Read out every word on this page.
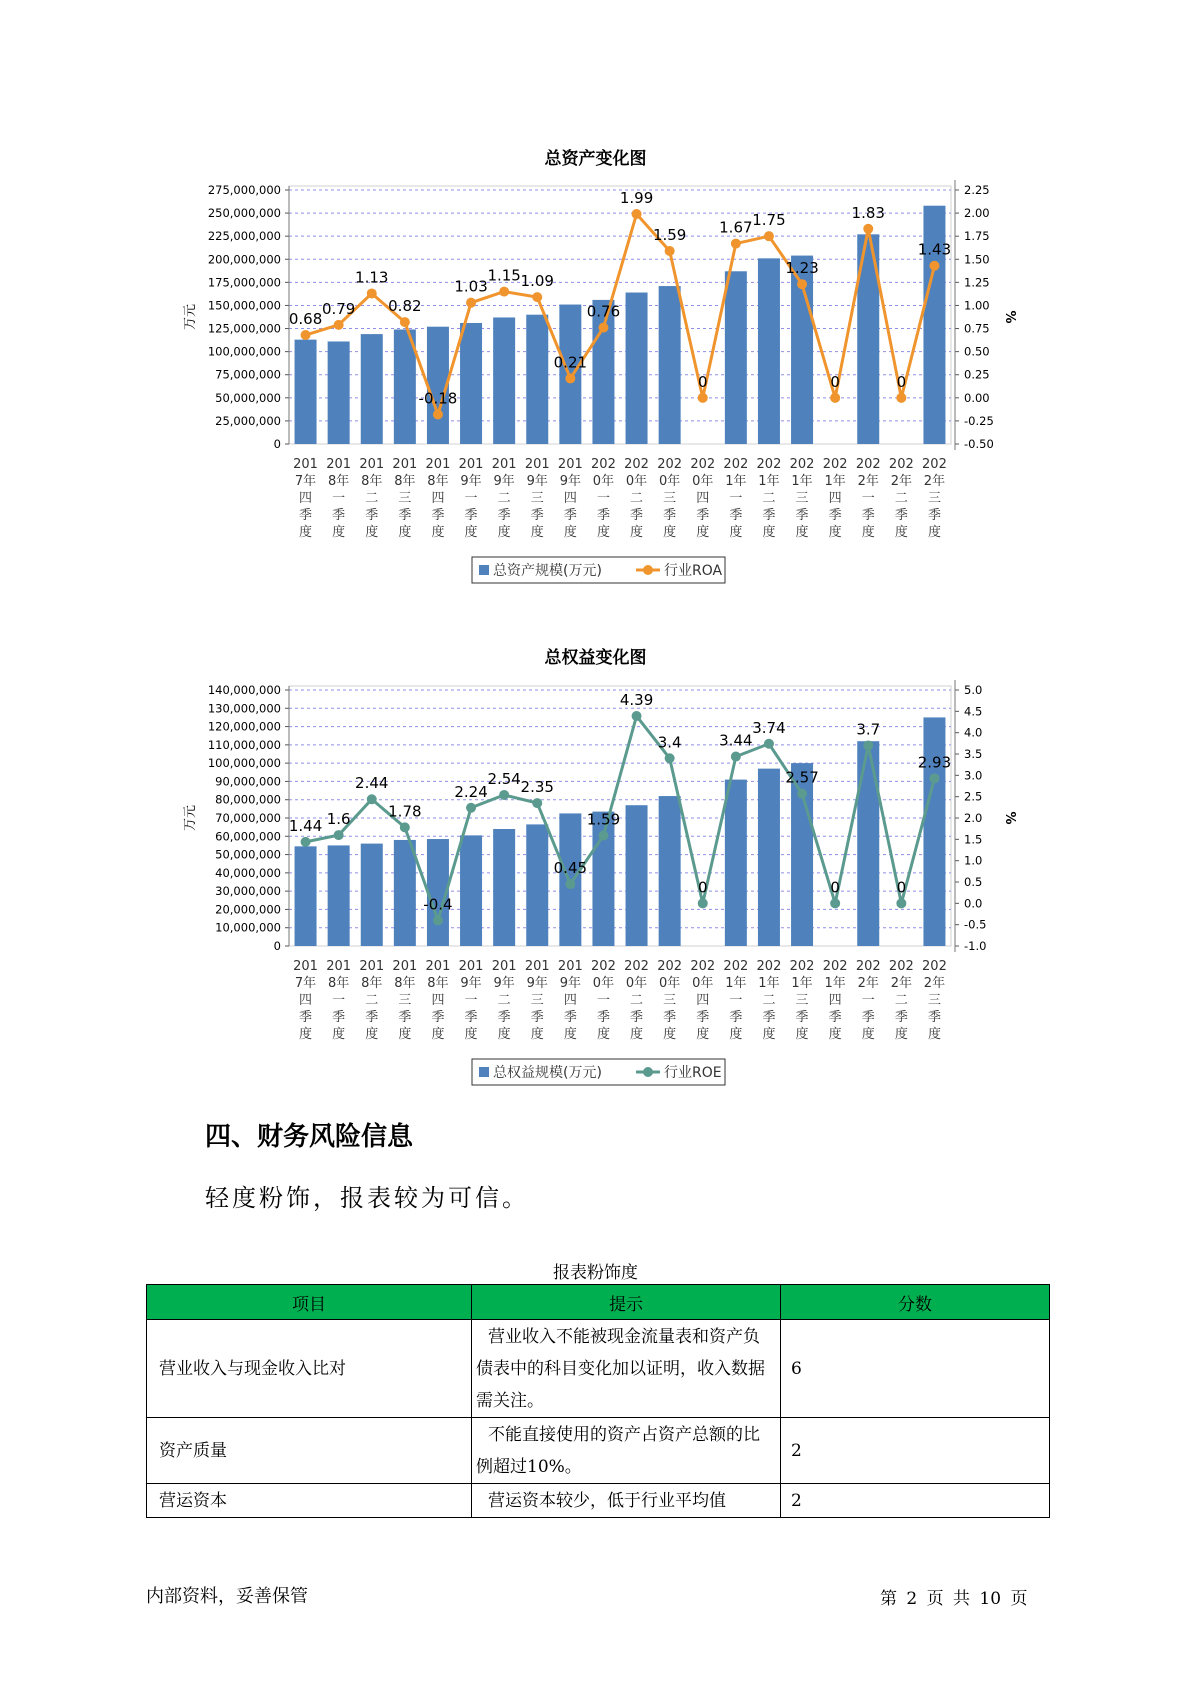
总资产变化图
275,000,000
250,000,000
225,000,000
200,000,000
175,000,000
150,000,000
125,000,000
100,000,000
75,000,000
50,000,000
25,000,000
0
2.25
2.00
1.75
1.50
1.25
1.00
0.75
0.50
0.25
0.00
-0.25
-0.50
万元	%
0.68
0.79
1.13
0.82
-0.18
1.03
1.15 1.09
0.21
0.76
1.99
1.59
0
1.67 1.75
1.23
0
1.83
0
1.43
201
7年
四
季
度
201
8年
一
季
度
201
8年
二
季
度
201
8年
三
季
度
201
8年
四
季
度
201
9年
一
季
度
201
9年
二
季
度
201
9年
三
季
度
201
9年
四
季
度
202
0年
一
季
度
202
0年
二
季
度
202
0年
三
季
度
202
0年
四
季
度
202
1年
一
季
度
202
1年
二
季
度
202
1年
三
季
度
202
1年
四
季
度
202
2年
一
季
度
202
2年
二
季
度
202
2年
三
季
度
总资产规模(万元)	行业ROA
总权益变化图
140,000,000
130,000,000
120,000,000
110,000,000
100,000,000
90,000,000
80,000,000
70,000,000
60,000,000
50,000,000
40,000,000
30,000,000
20,000,000
10,000,000
0
5.0
4.5
4.0
3.5
3.0
2.5
2.0
1.5
1.0
0.5
0.0
-0.5
-1.0
万元	%
1.44 1.6
2.44
1.78
-0.4
2.24
2.54 2.35
0.45
1.59
4.39
3.4
0
3.44
3.74
2.57
0
3.7
0
2.93
201
7年
四
季
度
201
8年
一
季
度
201
8年
二
季
度
201
8年
三
季
度
201
8年
四
季
度
201
9年
一
季
度
201
9年
二
季
度
201
9年
三
季
度
201
9年
四
季
度
202
0年
一
季
度
202
0年
二
季
度
202
0年
三
季
度
202
0年
四
季
度
202
1年
一
季
度
202
1年
二
季
度
202
1年
三
季
度
202
1年
四
季
度
202
2年
一
季
度
202
2年
二
季
度
202
2年
三
季
度
总权益规模(万元)	行业ROE
四、财务风险信息
轻度粉饰，报表较为可信。
报表粉饰度
项目	提示	分数
营业收入与现金收入比对	营业收入不能被现金流量表和资产负债表中的科目变化加以证明，收入数据需关注。	6
资产质量	不能直接使用的资产占资产总额的比例超过10%。	2
营运资本	营运资本较少，低于行业平均值	2
内部资料，妥善保管	第 2 页 共 10 页
